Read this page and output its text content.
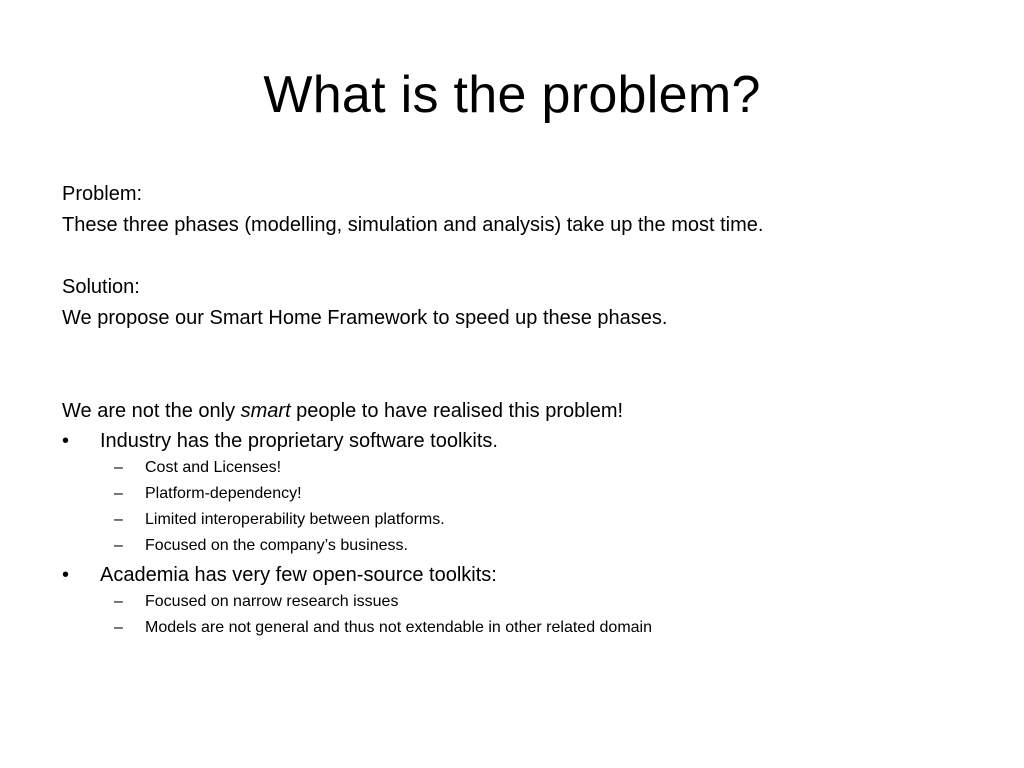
What is the problem?
Problem:
These three phases (modelling, simulation and analysis) take up the most time.
Solution:
We propose our Smart Home Framework to speed up these phases.
We are not the only smart people to have realised this problem!
•	Industry has the proprietary software toolkits.
–	Cost and Licenses!
–	Platform-dependency!
–	Limited interoperability between platforms.
–	Focused on the company’s business.
•	Academia has very few open-source toolkits:
–	Focused on narrow research issues
–	Models are not general and thus not extendable in other related domain
